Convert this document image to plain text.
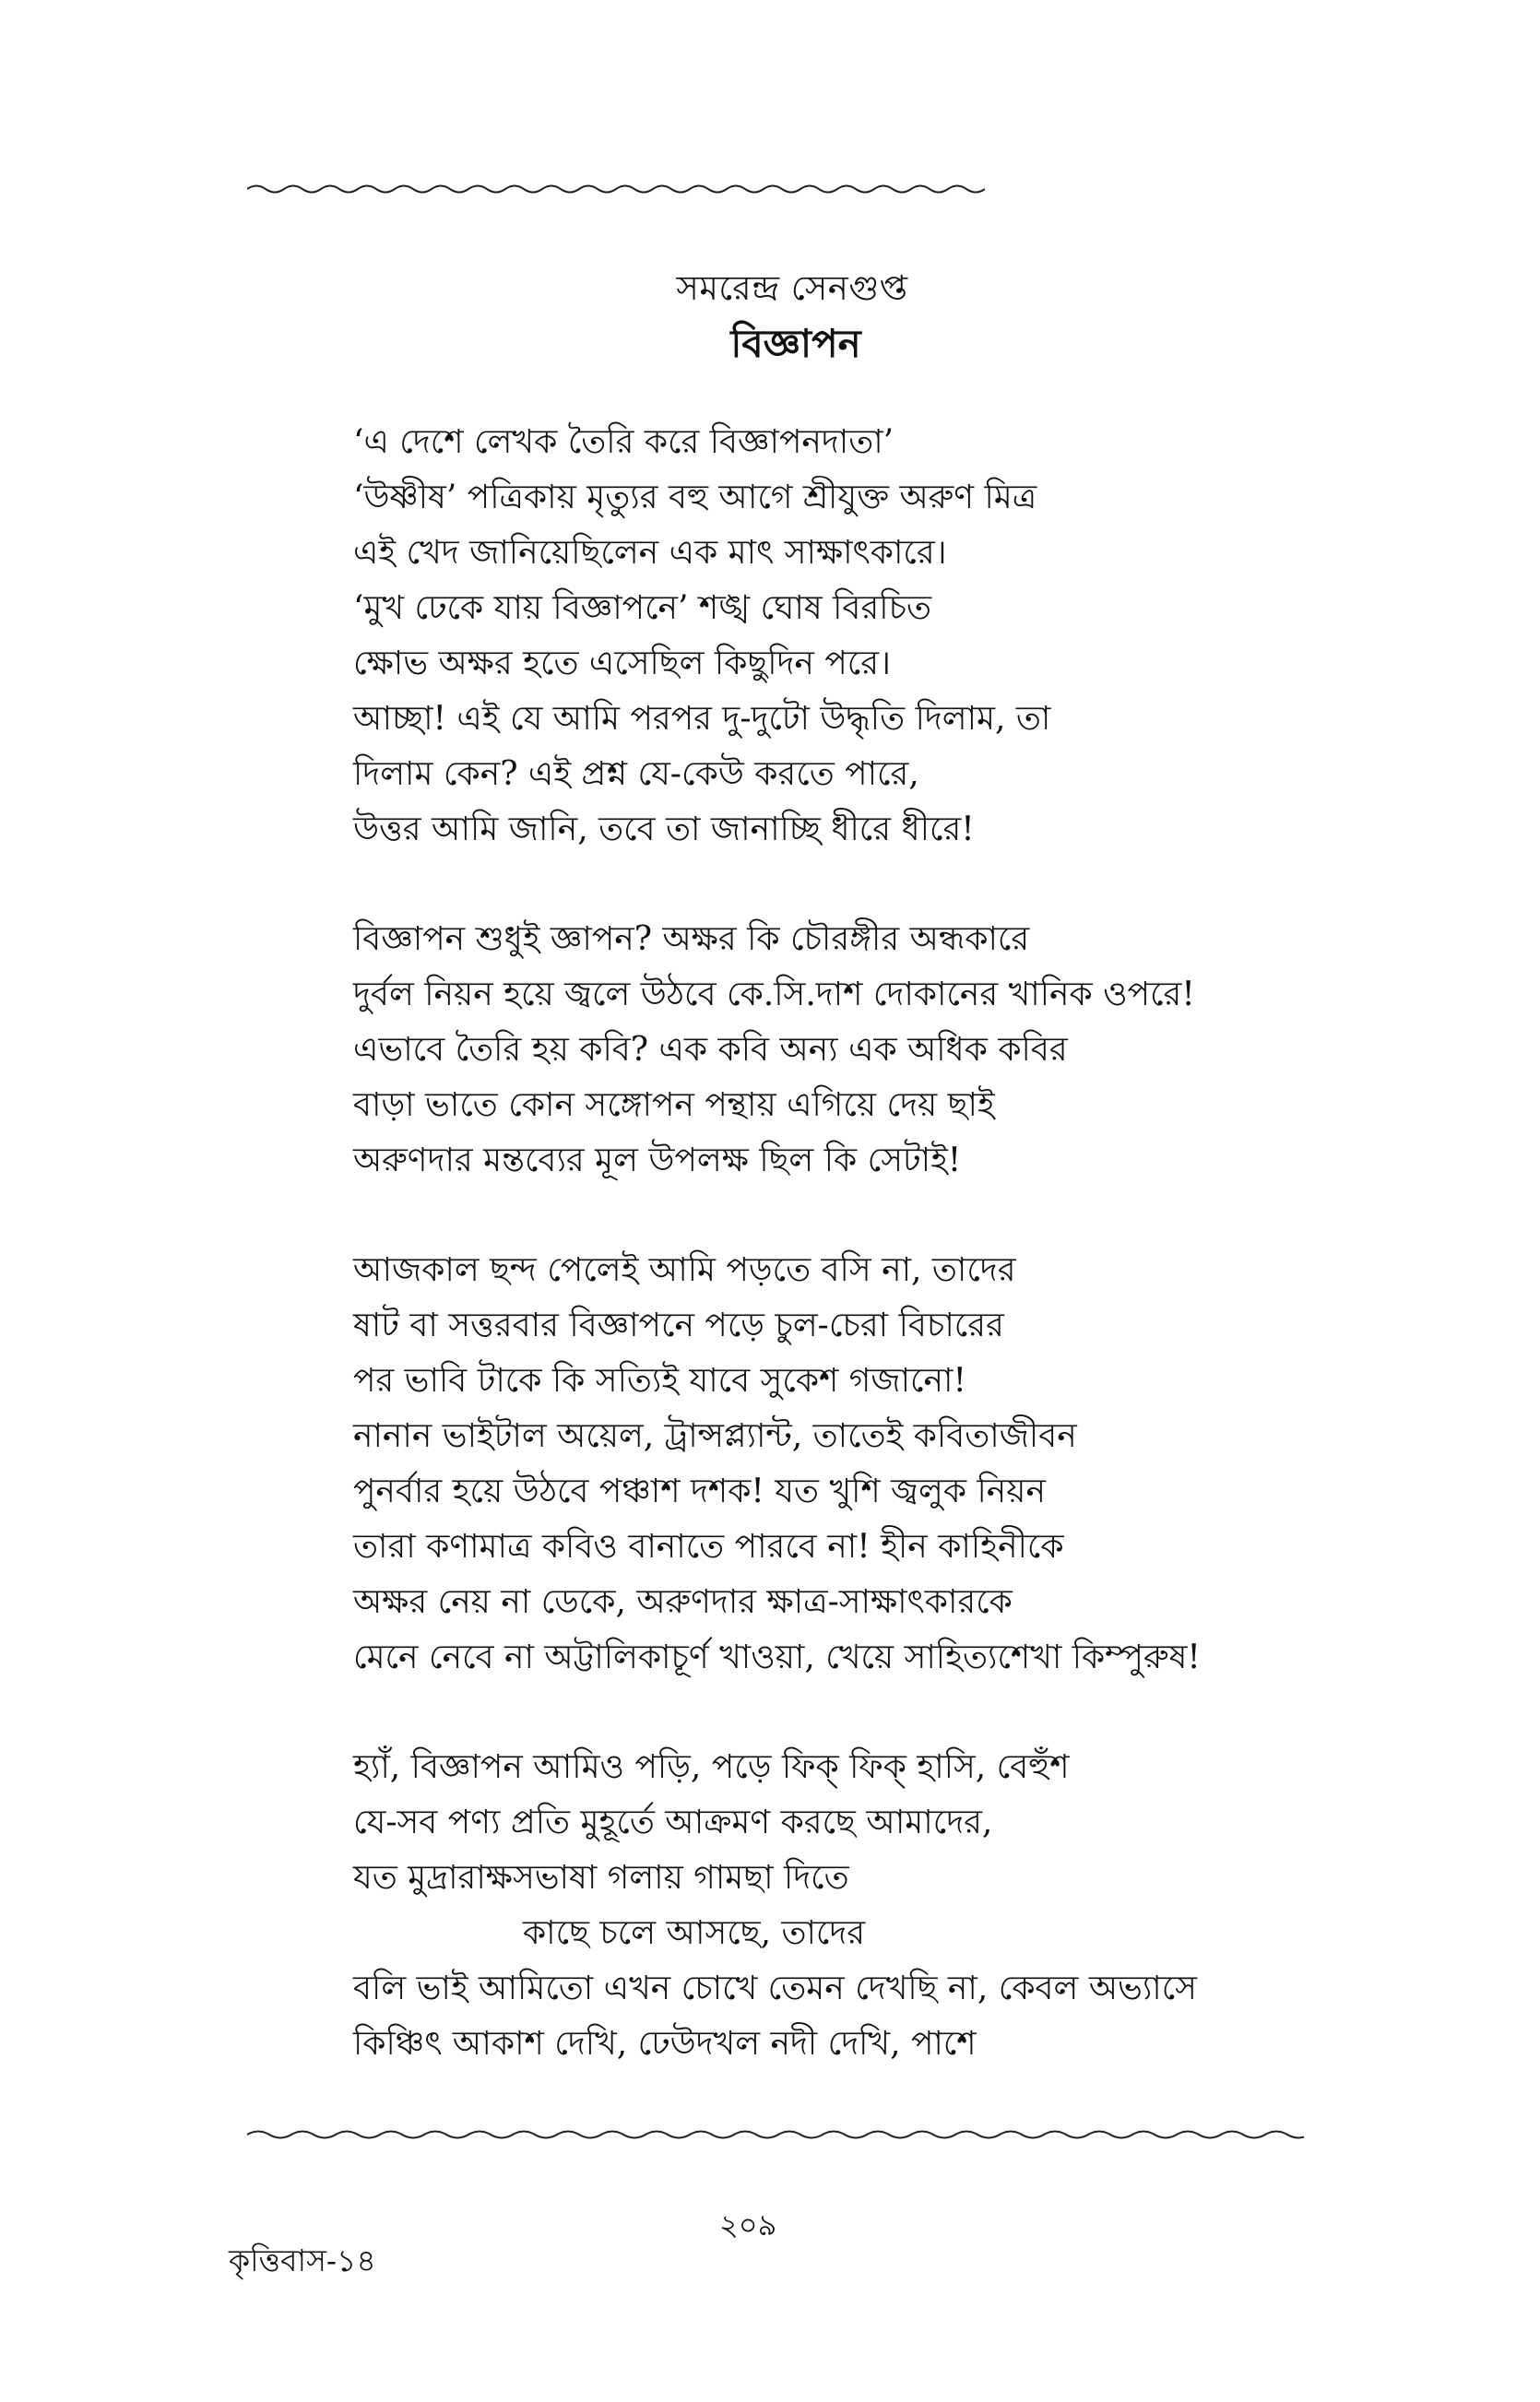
সমরেন্দ্র সেনগুপ্ত
বিজ্ঞাপন
‘এ দেশে লেখক তৈরি করে বিজ্ঞাপনদাতা’
‘উষ্ণীষ’ পত্রিকায় মৃত্যুর বহু আগে শ্রীযুক্ত অরুণ মিত্র
এই খেদ জানিয়েছিলেন এক মাৎ সাক্ষাৎকারে।
‘মুখ ঢেকে যায় বিজ্ঞাপনে’ শঙ্খ ঘোষ বিরচিত
ক্ষোভ অক্ষর হতে এসেছিল কিছুদিন পরে।
আচ্ছা! এই যে আমি পরপর দু-দুটো উদ্ধৃতি দিলাম, তা
দিলাম কেন? এই প্রশ্ন যে-কেউ করতে পারে,
উত্তর আমি জানি, তবে তা জানাচ্ছি ধীরে ধীরে!
বিজ্ঞাপন শুধুই জ্ঞাপন? অক্ষর কি চৌরঙ্গীর অন্ধকারে
দুর্বল নিয়ন হয়ে জ্বলে উঠবে কে.সি.দাশ দোকানের খানিক ওপরে!
এভাবে তৈরি হয় কবি? এক কবি অন্য এক অধিক কবির
বাড়া ভাতে কোন সঙ্গোপন পন্থায় এগিয়ে দেয় ছাই
অরুণদার মন্তব্যের মূল উপলক্ষ ছিল কি সেটাই!
আজকাল ছন্দ পেলেই আমি পড়তে বসি না, তাদের
ষাট বা সত্তরবার বিজ্ঞাপনে পড়ে চুল-চেরা বিচারের
পর ভাবি টাকে কি সত্যিই যাবে সুকেশ গজানো!
নানান ভাইটাল অয়েল, ট্রান্সপ্ল্যান্ট, তাতেই কবিতাজীবন
পুনর্বার হয়ে উঠবে পঞ্চাশ দশক! যত খুশি জ্বলুক নিয়ন
তারা কণামাত্র কবিও বানাতে পারবে না! হীন কাহিনীকে
অক্ষর নেয় না ডেকে, অরুণদার ক্ষাত্র-সাক্ষাৎকারকে
মেনে নেবে না অট্টালিকাচূর্ণ খাওয়া, খেয়ে সাহিত্যশেখা কিম্পুরুষ!
হ্যাঁ, বিজ্ঞাপন আমিও পড়ি, পড়ে ফিক্ ফিক্ হাসি, বেহুঁশ
যে-সব পণ্য প্রতি মুহূর্তে আক্রমণ করছে আমাদের,
যত মুদ্রারাক্ষসভাষা গলায় গামছা দিতে
কাছে চলে আসছে, তাদের
বলি ভাই আমিতো এখন চোখে তেমন দেখছি না, কেবল অভ্যাসে
কিঞ্চিৎ আকাশ দেখি, ঢেউদখল নদী দেখি, পাশে
২০৯
কৃত্তিবাস-১৪
